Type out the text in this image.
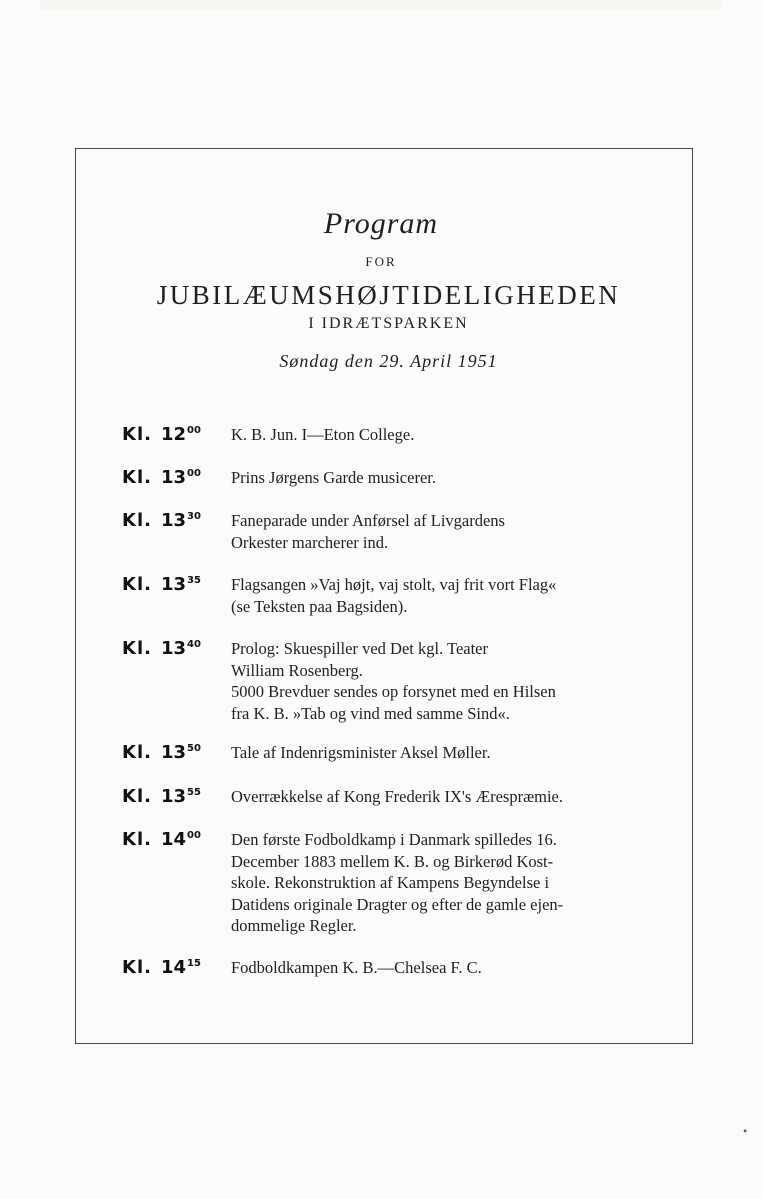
Program
FOR
JUBILÆUMSHØJTIDELIGHEDEN
I IDRÆTSPARKEN
Søndag den 29. April 1951
Kl. $12^{00}$ K. B. Jun. I—Eton College.
Kl. $13^{00}$ Prins Jørgens Garde musicerer.
Kl. $13^{30}$ Faneparade under Anførsel af Livgardens
Orkester marcherer ind.
Kl. $13^{35}$ Flagsangen »Vaj højt, vaj stolt, vaj frit vort Flag«
(se Teksten paa Bagsiden).
Kl. $13^{40}$ Prolog: Skuespiller ved Det kgl. Teater
William Rosenberg.
5000 Brevduer sendes op forsynet med en Hilsen
fra K. B. »Tab og vind med samme Sind«.
Kl. $13^{50}$ Tale af Indenrigsminister Aksel Møller.
Kl. $13^{55}$ Overrækkelse af Kong Frederik IX's Ærespræmie.
Kl. $14^{00}$ Den første Fodboldkamp i Danmark spilledes 16.
December 1883 mellem K. B. og Birkerød Kost-
skole. Rekonstruktion af Kampens Begyndelse i
Datidens originale Dragter og efter de gamle ejen-
dommelige Regler.
Kl. $14^{15}$ Fodboldkampen K. B.—Chelsea F. C.
•
